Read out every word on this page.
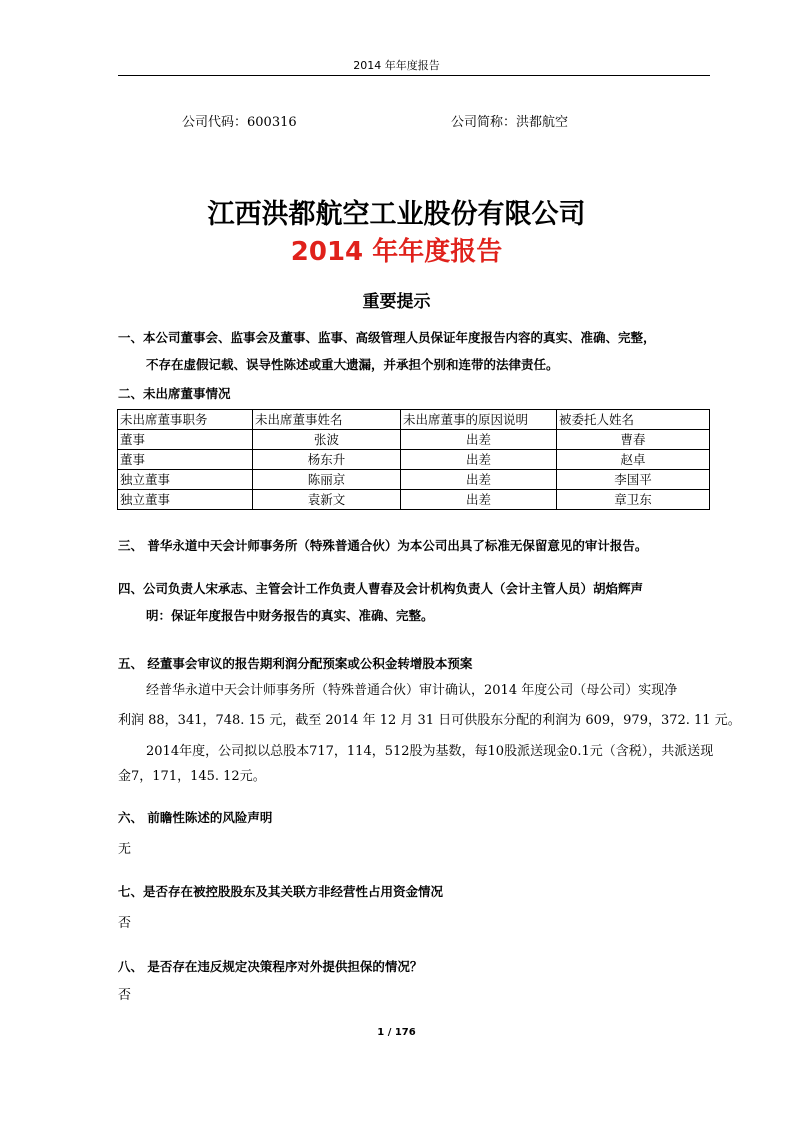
2014 年年度报告
公司代码：600316	公司简称：洪都航空
江西洪都航空工业股份有限公司
2014 年年度报告
重要提示
一、本公司董事会、监事会及董事、监事、高级管理人员保证年度报告内容的真实、准确、完整，
不存在虚假记载、误导性陈述或重大遗漏，并承担个别和连带的法律责任。
二、未出席董事情况
未出席董事职务	未出席董事姓名	未出席董事的原因说明	被委托人姓名
董事	张波	出差	曹春
董事	杨东升	出差	赵卓
独立董事	陈丽京	出差	李国平
独立董事	袁新文	出差	章卫东
三、 普华永道中天会计师事务所（特殊普通合伙）为本公司出具了标准无保留意见的审计报告。
四、公司负责人宋承志、主管会计工作负责人曹春及会计机构负责人（会计主管人员）胡焰辉声
明：保证年度报告中财务报告的真实、准确、完整。
五、 经董事会审议的报告期利润分配预案或公积金转增股本预案
经普华永道中天会计师事务所（特殊普通合伙）审计确认，2014 年度公司（母公司）实现净
利润 88，341，748. 15 元，截至 2014 年 12 月 31 日可供股东分配的利润为 609，979，372. 11 元。
2014年度，公司拟以总股本717，114，512股为基数，每10股派送现金0.1元（含税），共派送现
金7，171，145. 12元。
六、 前瞻性陈述的风险声明
无
七、是否存在被控股股东及其关联方非经营性占用资金情况
否
八、 是否存在违反规定决策程序对外提供担保的情况？
否
1 / 176
